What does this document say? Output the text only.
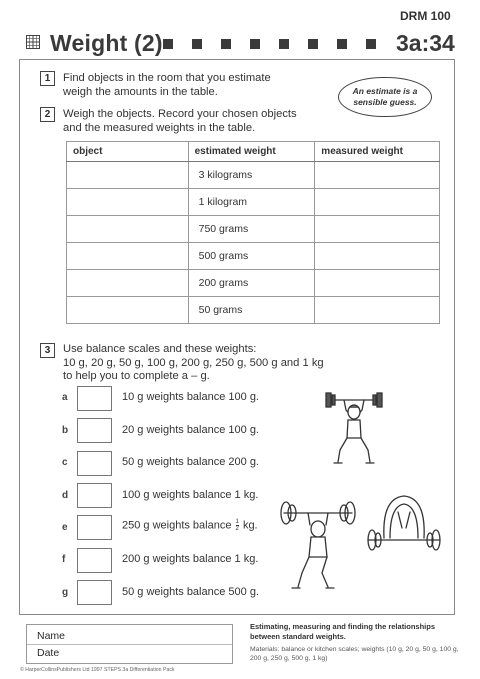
DRM 100
Weight (2)	3a:34
1	Find objects in the room that you estimate
weigh the amounts in the table.	An estimate is a
sensible guess.
2	Weigh the objects. Record your chosen objects
and the measured weights in the table.
object	estimated weight	measured weight
	3 kilograms	
	1 kilogram	
	750 grams	
	500 grams	
	200 grams	
	50 grams	
3	Use balance scales and these weights:
10 g, 20 g, 50 g, 100 g, 200 g, 250 g, 500 g and 1 kg
to help you to complete a – g.
a	10 g weights balance 100 g.
b	20 g weights balance 100 g.
c	50 g weights balance 200 g.
d	100 g weights balance 1 kg.
e	250 g weights balance $\frac{1}{2}$ kg.
f	200 g weights balance 1 kg.
g	50 g weights balance 500 g.
Name
Date
Estimating, measuring and finding the relationships between standard weights.
Materials: balance or kitchen scales; weights (10 g, 20 g, 50 g, 100 g, 200 g, 250 g, 500 g, 1 kg)
© HarperCollinsPublishers Ltd 1997 STEPS 3a Differentiation Pack
